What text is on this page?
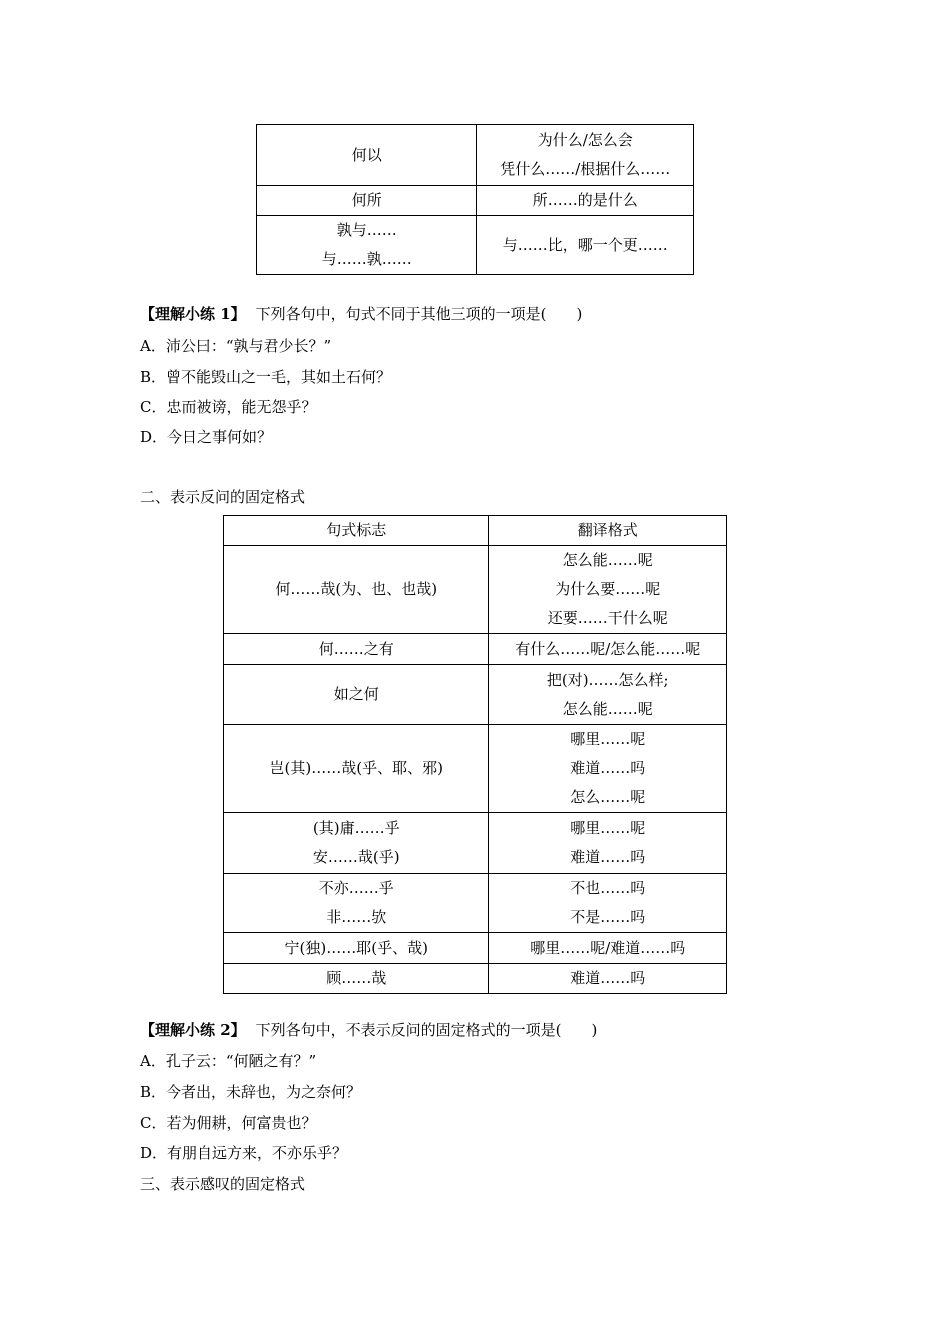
何以	为什么/怎么会
凭什么……/根据什么……

何所	所……的是什么

孰与……
与……孰……	与……比，哪一个更……
【理解小练 1】 下列各句中，句式不同于其他三项的一项是(　　)
A．沛公曰：“孰与君少长？”
B．曾不能毁山之一毛，其如土石何？
C．忠而被谤，能无怨乎？
D．今日之事何如？
二、表示反问的固定格式
句式标志	翻译格式

何……哉(为、也、也哉)	怎么能……呢
为什么要……呢
还要……干什么呢

何……之有	有什么……呢/怎么能……呢

如之何	把(对)……怎么样;
怎么能……呢

岂(其)……哉(乎、耶、邪)	哪里……呢
难道……吗
怎么……呢

(其)庸……乎
安……哉(乎)	哪里……呢
难道……吗

不亦……乎
非……欤	不也……吗
不是……吗

宁(独)……耶(乎、哉)	哪里……呢/难道……吗

顾……哉	难道……吗
【理解小练 2】 下列各句中，不表示反问的固定格式的一项是(　　)
A．孔子云：“何陋之有？”
B．今者出，未辞也，为之奈何？
C．若为佣耕，何富贵也？
D．有朋自远方来，不亦乐乎？
三、表示感叹的固定格式
